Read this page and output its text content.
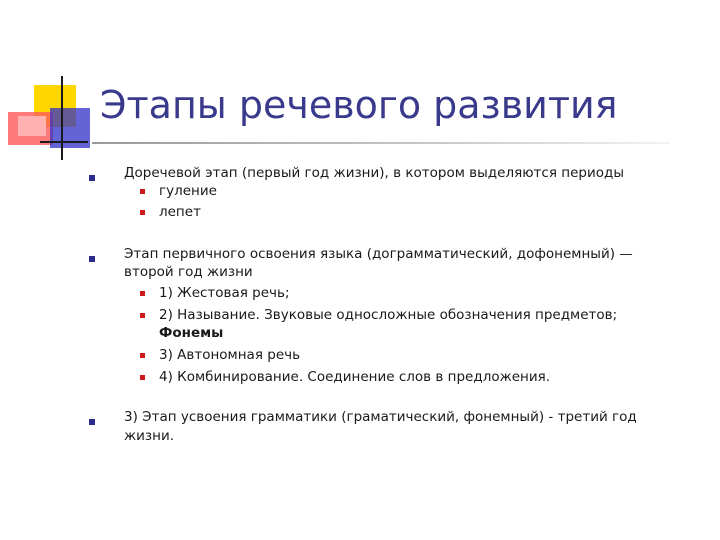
Этапы речевого развития

Доречевой этап (первый год жизни), в котором выделяются периоды

гуление

лепет

Этап первичного освоения языка (дограмматический, дофонемный) —

второй год жизни

1) Жестовая речь;

2) Называние. Звуковые односложные обозначения предметов;

Фонемы

3) Автономная речь

4) Комбинирование. Соединение слов в предложения.

3) Этап усвоения грамматики (граматический, фонемный) - третий год

жизни.
